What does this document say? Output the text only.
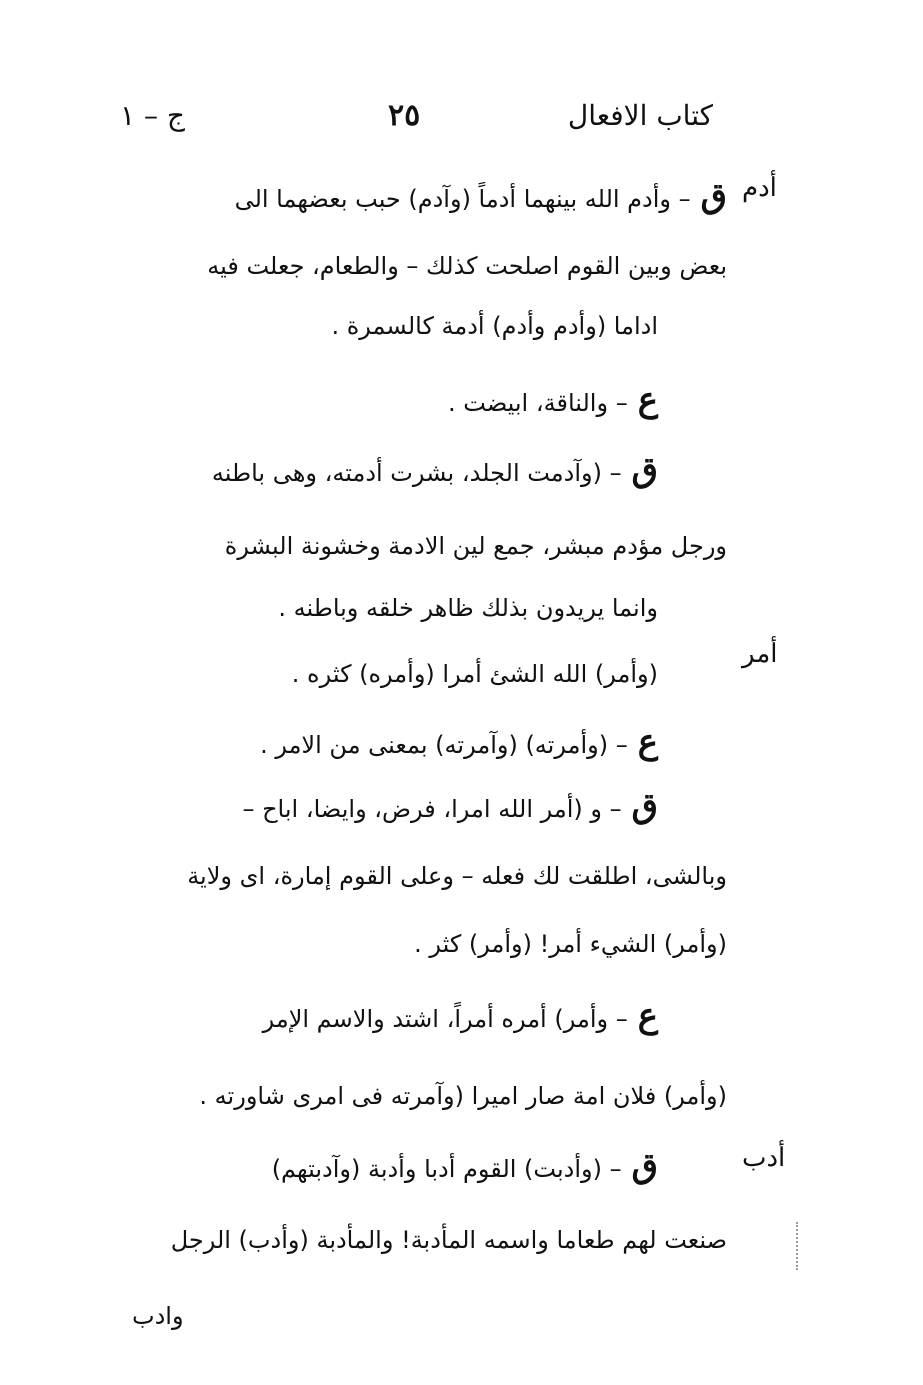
كتاب الافعال
٢٥
ج – ١
أدم
أمر
أدب
ق– وأدم الله بينهما أدماً (وآدم) حبب بعضهما الى
بعض وبين القوم اصلحت كذلك – والطعام، جعلت فيه
اداما (وأدم وأدم) أدمة كالسمرة .
ع– والناقة، ابيضت .
ق– (وآدمت الجلد، بشرت أدمته، وهى باطنه
ورجل مؤدم مبشر، جمع لين الادمة وخشونة البشرة
وانما يريدون بذلك ظاهر خلقه وباطنه .
(وأمر) الله الشئ أمرا (وأمره) كثره .
ع– (وأمرته) (وآمرته) بمعنى من الامر .
ق– و (أمر الله امرا، فرض، وايضا، اباح –
وبالشى، اطلقت لك فعله – وعلى القوم إمارة، اى ولاية
(وأمر) الشيء أمر! (وأمر) كثر .
ع– وأمر) أمره أمراً، اشتد والاسم الإمر
(وأمر) فلان امة صار اميرا (وآمرته فى امرى شاورته .
ق– (وأدبت) القوم أدبا وأدبة (وآدبتهم)
صنعت لهم طعاما واسمه المأدبة! والمأدبة (وأدب) الرجل
وادب
